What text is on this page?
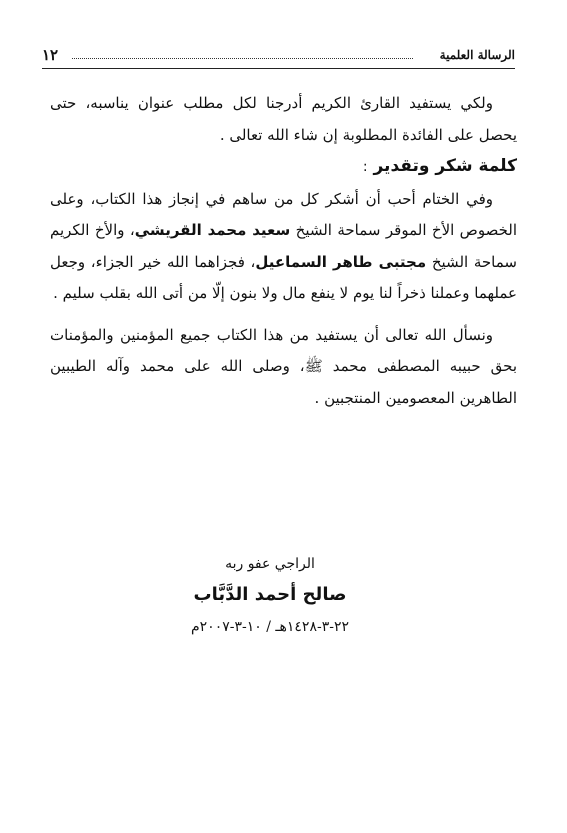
١٢	الرسالة العلمية

ولكي يستفيد القارئ الكريم أدرجنا لكل مطلب عنوان يناسبه، حتى يحصل على الفائدة المطلوبة إن شاء الله تعالى .

كلمة شكر وتقدير :

وفي الختام أحب أن أشكر كل من ساهم في إنجاز هذا الكتاب، وعلى الخصوص الأخ الموقر سماحة الشيخ سعيد محمد القريشي، والأخ الكريم سماحة الشيخ مجتبى طاهر السماعيل، فجزاهما الله خير الجزاء، وجعل عملهما وعملنا ذخراً لنا يوم لا ينفع مال ولا بنون إلّا من أتى الله بقلب سليم .

ونسأل الله تعالى أن يستفيد من هذا الكتاب جميع المؤمنين والمؤمنات بحق حبيبه المصطفى محمد ﷺ، وصلى الله على محمد وآله الطيبين الطاهرين المعصومين المنتجبين .

الراجي عفو ربه
صالح أحمد الدَّبَّاب
٢٢-٣-١٤٢٨هـ / ١٠-٣-٢٠٠٧م
